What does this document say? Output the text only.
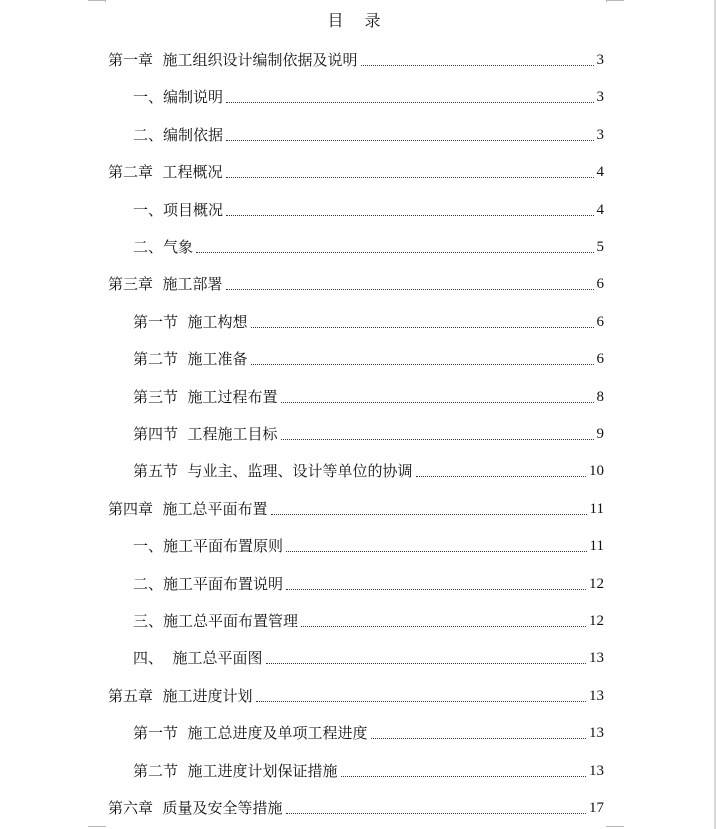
目 录
第一章  施工组织设计编制依据及说明	3
一、编制说明	3
二、编制依据	3
第二章  工程概况	4
一、项目概况	4
二、气象	5
第三章  施工部署	6
第一节  施工构想	6
第二节  施工准备	6
第三节  施工过程布置	8
第四节  工程施工目标	9
第五节  与业主、监理、设计等单位的协调	10
第四章  施工总平面布置	11
一、施工平面布置原则	11
二、施工平面布置说明	12
三、施工总平面布置管理	12
四、  施工总平面图	13
第五章  施工进度计划	13
第一节  施工总进度及单项工程进度	13
第二节  施工进度计划保证措施	13
第六章  质量及安全等措施	17
